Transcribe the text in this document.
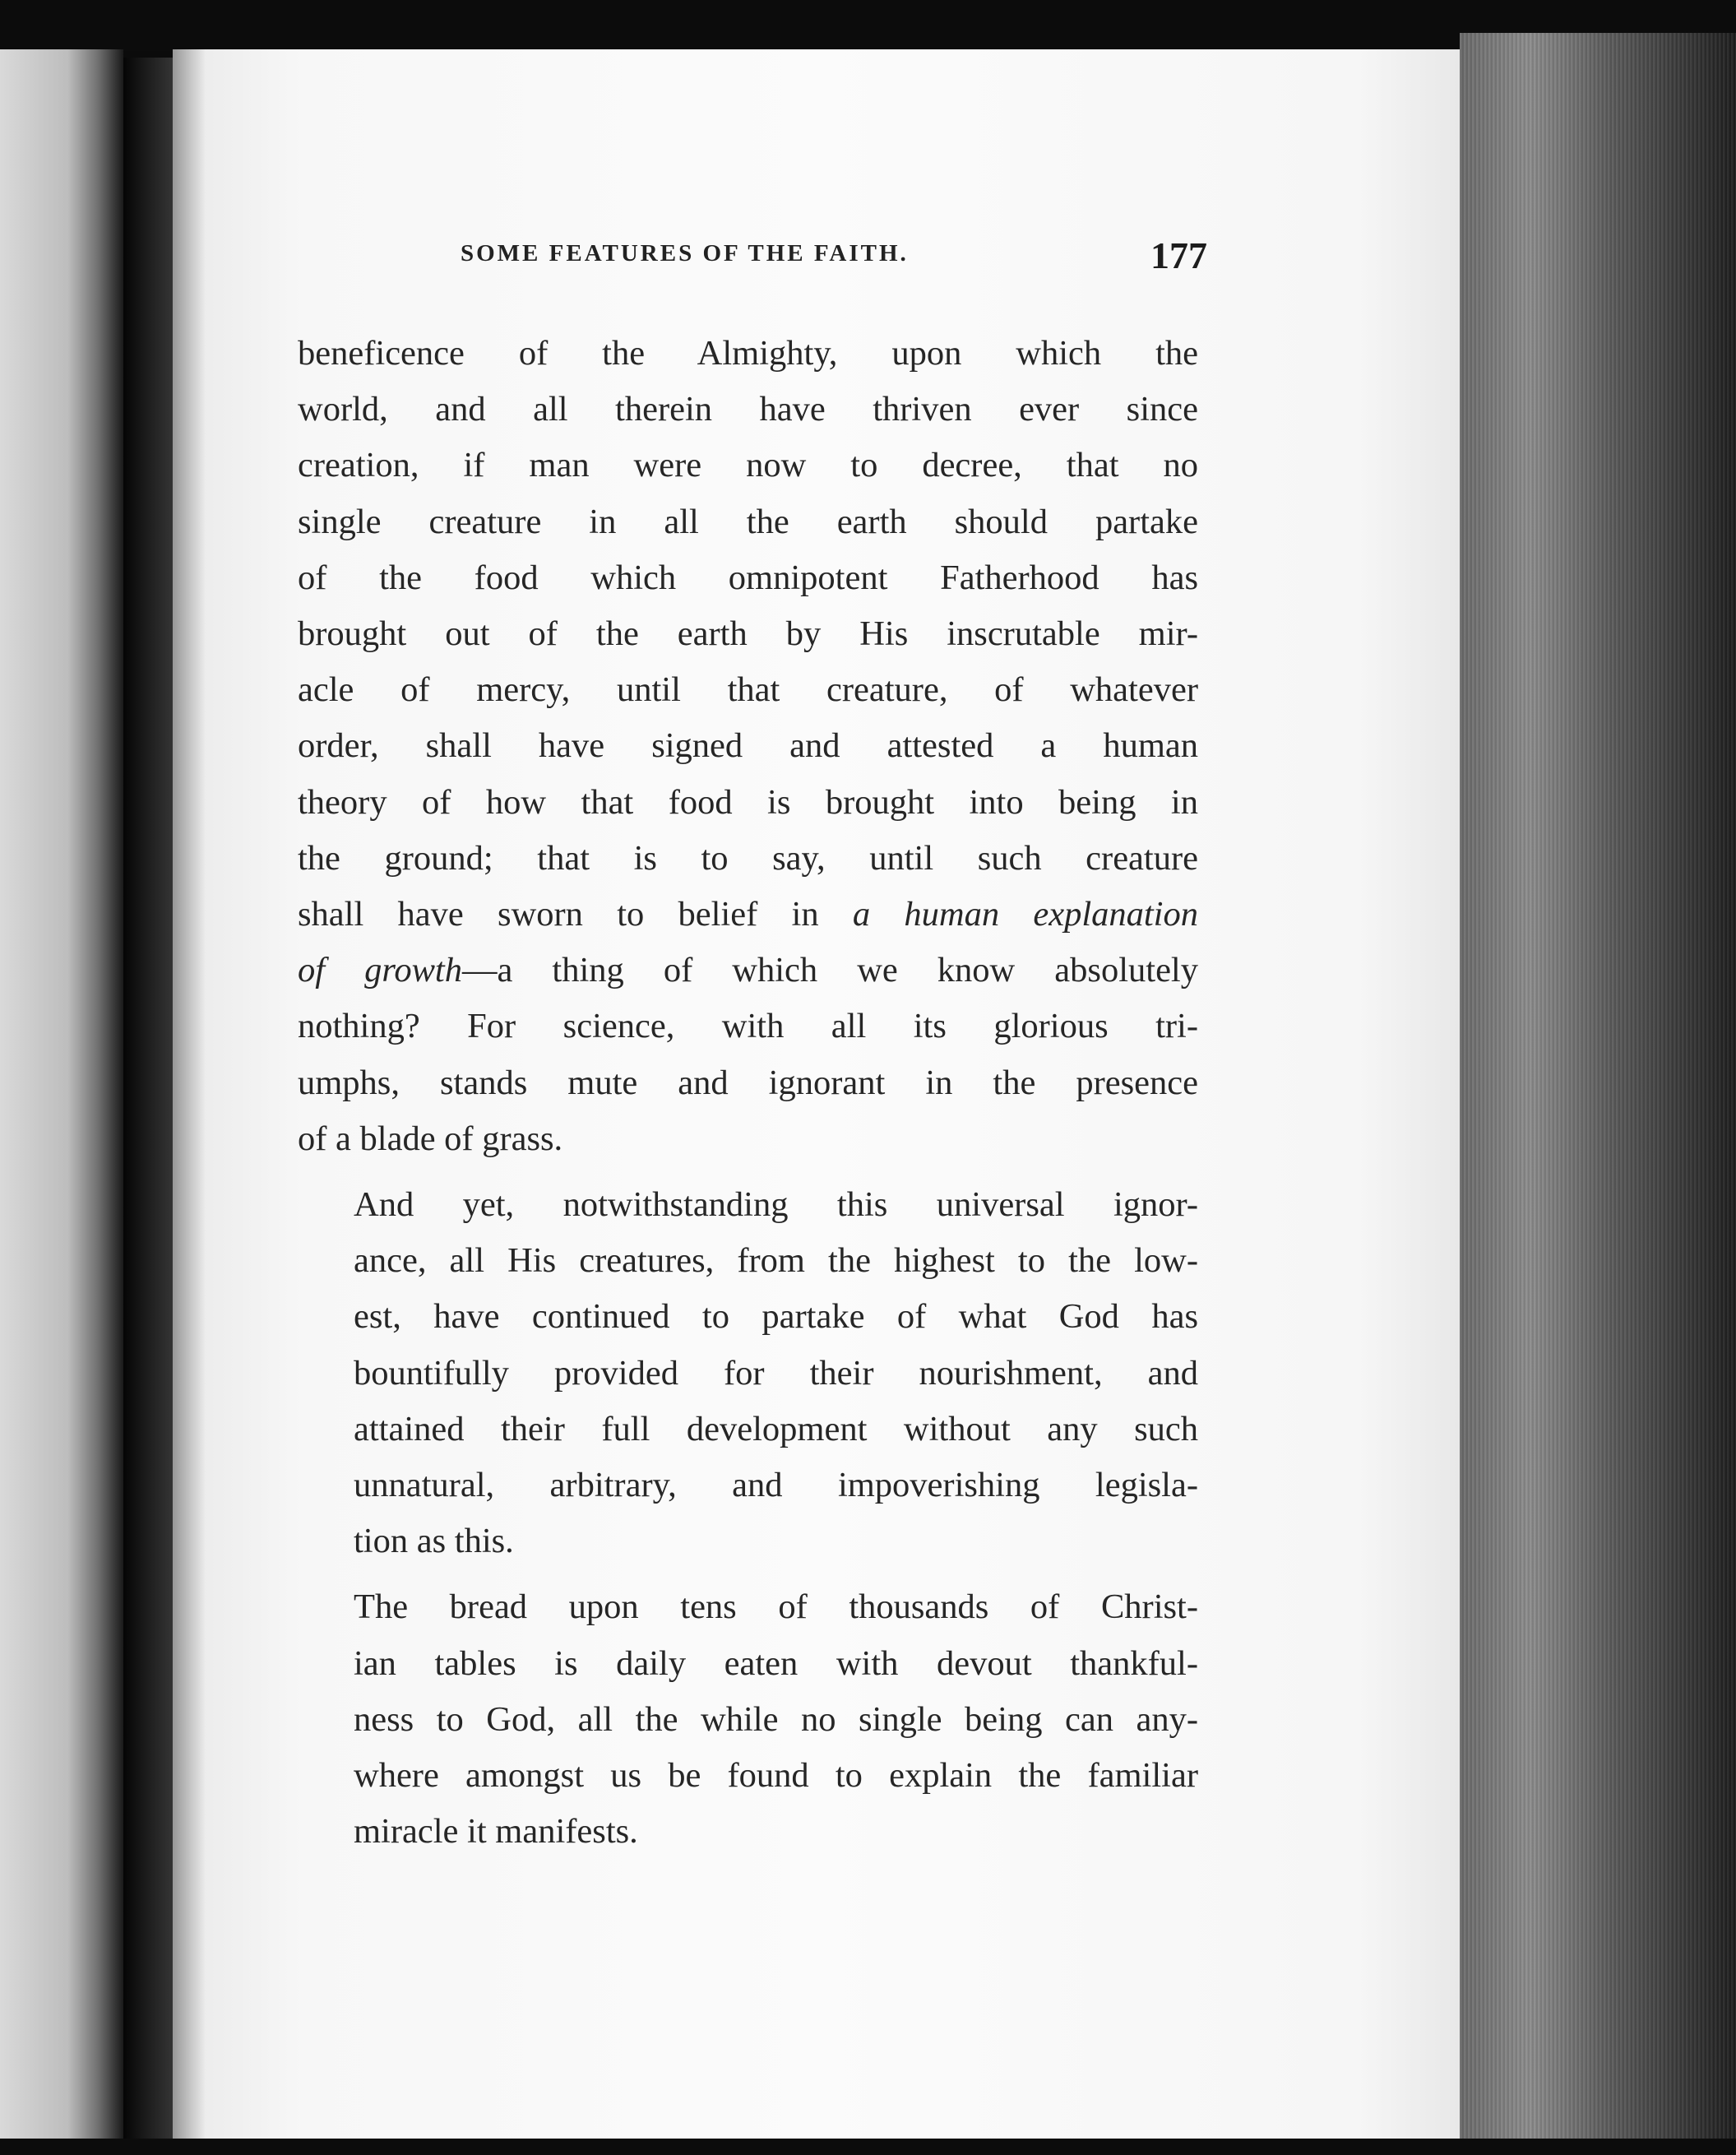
SOME FEATURES OF THE FAITH.	177

beneficence of the Almighty, upon which the
world, and all therein have thriven ever since
creation, if man were now to decree, that no
single creature in all the earth should partake
of the food which omnipotent Fatherhood has
brought out of the earth by His inscrutable mir-
acle of mercy, until that creature, of whatever
order, shall have signed and attested a human
theory of how that food is brought into being in
the ground; that is to say, until such creature
shall have sworn to belief in a human explanation
of growth—a thing of which we know absolutely
nothing? For science, with all its glorious tri-
umphs, stands mute and ignorant in the presence
of a blade of grass.

And yet, notwithstanding this universal ignor-
ance, all His creatures, from the highest to the low-
est, have continued to partake of what God has
bountifully provided for their nourishment, and
attained their full development without any such
unnatural, arbitrary, and impoverishing legisla-
tion as this.

The bread upon tens of thousands of Christ-
ian tables is daily eaten with devout thankful-
ness to God, all the while no single being can any-
where amongst us be found to explain the familiar
miracle it manifests.
